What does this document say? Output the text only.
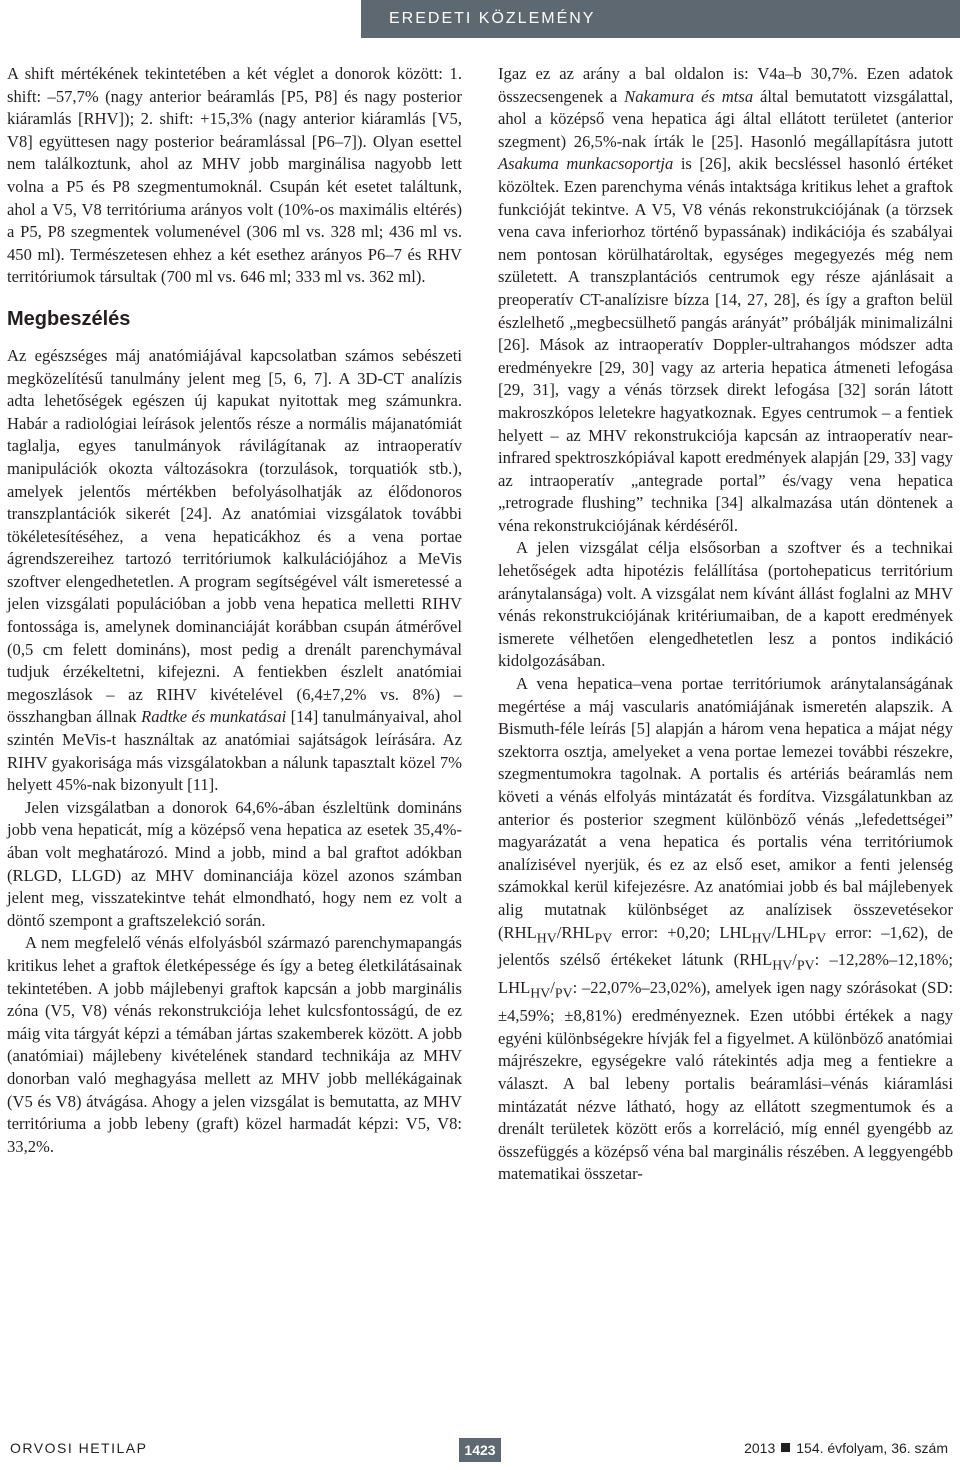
EREDETI KÖZLEMÉNY

A shift mértékének tekintetében a két véglet a donorok között: 1. shift: –57,7% (nagy anterior beáramlás [P5, P8] és nagy posterior kiáramlás [RHV]); 2. shift: +15,3% (nagy anterior kiáramlás [V5, V8] együttesen nagy posterior beáramlással [P6–7]). Olyan esettel nem találkoztunk, ahol az MHV jobb marginálisa nagyobb lett volna a P5 és P8 szegmentumoknál. Csupán két esetet találtunk, ahol a V5, V8 territóriuma arányos volt (10%-os maximális eltérés) a P5, P8 szegmentek volumenével (306 ml vs. 328 ml; 436 ml vs. 450 ml). Természetesen ehhez a két esethez arányos P6–7 és RHV territóriumok társultak (700 ml vs. 646 ml; 333 ml vs. 362 ml).

Megbeszélés

Az egészséges máj anatómiájával kapcsolatban számos sebészeti megközelítésű tanulmány jelent meg [5, 6, 7]. A 3D-CT analízis adta lehetőségek egészen új kapukat nyitottak meg számunkra. Habár a radiológiai leírások jelentős része a normális májanatómiát taglalja, egyes tanulmányok rávilágítanak az intraoperatív manipulációk okozta változásokra (torzulások, torquatiók stb.), amelyek jelentős mértékben befolyásolhatják az élődonoros transzplantációk sikerét [24]. Az anatómiai vizsgálatok további tökéletesítéséhez, a vena hepaticákhoz és a vena portae ágrendszereihez tartozó territóriumok kalkulációjához a MeVis szoftver elengedhetetlen. A program segítségével vált ismeretessé a jelen vizsgálati populációban a jobb vena hepatica melletti RIHV fontossága is, amelynek dominanciáját korábban csupán átmérővel (0,5 cm felett domináns), most pedig a drenált parenchymával tudjuk érzékeltetni, kifejezni. A fentiekben észlelt anatómiai megoszlások – az RIHV kivételével (6,4±7,2% vs. 8%) – összhangban állnak Radtke és munkatásai [14] tanulmányaival, ahol szintén MeVis-t használtak az anatómiai sajátságok leírására. Az RIHV gyakorisága más vizsgálatokban a nálunk tapasztalt közel 7% helyett 45%-nak bizonyult [11].

Jelen vizsgálatban a donorok 64,6%-ában észleltünk domináns jobb vena hepaticát, míg a középső vena hepatica az esetek 35,4%-ában volt meghatározó. Mind a jobb, mind a bal graftot adókban (RLGD, LLGD) az MHV dominanciája közel azonos számban jelent meg, visszatekintve tehát elmondható, hogy nem ez volt a döntő szempont a graftszelekció során.

A nem megfelelő vénás elfolyásból származó parenchymapangás kritikus lehet a graftok életképessége és így a beteg életkilátásainak tekintetében. A jobb májlebenyi graftok kapcsán a jobb marginális zóna (V5, V8) vénás rekonstrukciója lehet kulcsfontosságú, de ez máig vita tárgyát képzi a témában jártas szakemberek között. A jobb (anatómiai) májlebeny kivételének standard technikája az MHV donorban való meghagyása mellett az MHV jobb mellékágainak (V5 és V8) átvágása. Ahogy a jelen vizsgálat is bemutatta, az MHV territóriuma a jobb lebeny (graft) közel harmadát képzi: V5, V8: 33,2%.

Igaz ez az arány a bal oldalon is: V4a–b 30,7%. Ezen adatok összecsengenek a Nakamura és mtsa által bemutatott vizsgálattal, ahol a középső vena hepatica ági által ellátott területet (anterior szegment) 26,5%-nak írták le [25]. Hasonló megállapításra jutott Asakuma munkacsoportja is [26], akik becsléssel hasonló értéket közöltek. Ezen parenchyma vénás intaktsága kritikus lehet a graftok funkcióját tekintve. A V5, V8 vénás rekonstrukciójának (a törzsek vena cava inferiorhoz történő bypassának) indikációja és szabályai nem pontosan körülhatároltak, egységes megegyezés még nem született. A transzplantációs centrumok egy része ajánlásait a preoperatív CT-analízisre bízza [14, 27, 28], és így a grafton belül észlelhető „megbecsülhető pangás arányát” próbálják minimalizálni [26]. Mások az intraoperatív Doppler-ultrahangos módszer adta eredményekre [29, 30] vagy az arteria hepatica átmeneti lefogása [29, 31], vagy a vénás törzsek direkt lefogása [32] során látott makroszkópos leletekre hagyatkoznak. Egyes centrumok – a fentiek helyett – az MHV rekonstrukciója kapcsán az intraoperatív near-infrared spektroszkópiával kapott eredmények alapján [29, 33] vagy az intraoperatív „antegrade portal” és/vagy vena hepatica „retrograde flushing” technika [34] alkalmazása után döntenek a véna rekonstrukciójának kérdéséről.

A jelen vizsgálat célja elsősorban a szoftver és a technikai lehetőségek adta hipotézis felállítása (portohepaticus territórium aránytalansága) volt. A vizsgálat nem kívánt állást foglalni az MHV vénás rekonstrukciójának kritériumaiban, de a kapott eredmények ismerete vélhetően elengedhetetlen lesz a pontos indikáció kidolgozásában.

A vena hepatica–vena portae territóriumok aránytalanságának megértése a máj vascularis anatómiájának ismeretén alapszik. A Bismuth-féle leírás [5] alapján a három vena hepatica a májat négy szektorra osztja, amelyeket a vena portae lemezei további részekre, szegmentumokra tagolnak. A portalis és artériás beáramlás nem követi a vénás elfolyás mintázatát és fordítva. Vizsgálatunkban az anterior és posterior szegment különböző vénás „lefedettségei” magyarázatát a vena hepatica és portalis véna territóriumok analízisével nyerjük, és ez az első eset, amikor a fenti jelenség számokkal kerül kifejezésre. Az anatómiai jobb és bal májlebenyek alig mutatnak különbséget az analízisek összevetésekor ($RHL_{HV}/RHL_{PV}$ error: +0,20; $LHL_{HV}/LHL_{PV}$ error: –1,62), de jelentős szélső értékeket látunk ($RHL_{HV}/_{PV}$: –12,28%–12,18%; $LHL_{HV}/_{PV}$: –22,07%–23,02%), amelyek igen nagy szórásokat (SD: ±4,59%; ±8,81%) eredményeznek. Ezen utóbbi értékek a nagy egyéni különbségekre hívják fel a figyelmet. A különböző anatómiai májrészekre, egységekre való rátekintés adja meg a fentiekre a választ. A bal lebeny portalis beáramlási–vénás kiáramlási mintázatát nézve látható, hogy az ellátott szegmentumok és a drenált területek között erős a korreláció, míg ennél gyengébb az összefüggés a középső véna bal marginális részében. A leggyengébb matematikai összetar-

ORVOSI HETILAP	1423	2013 154. évfolyam, 36. szám
